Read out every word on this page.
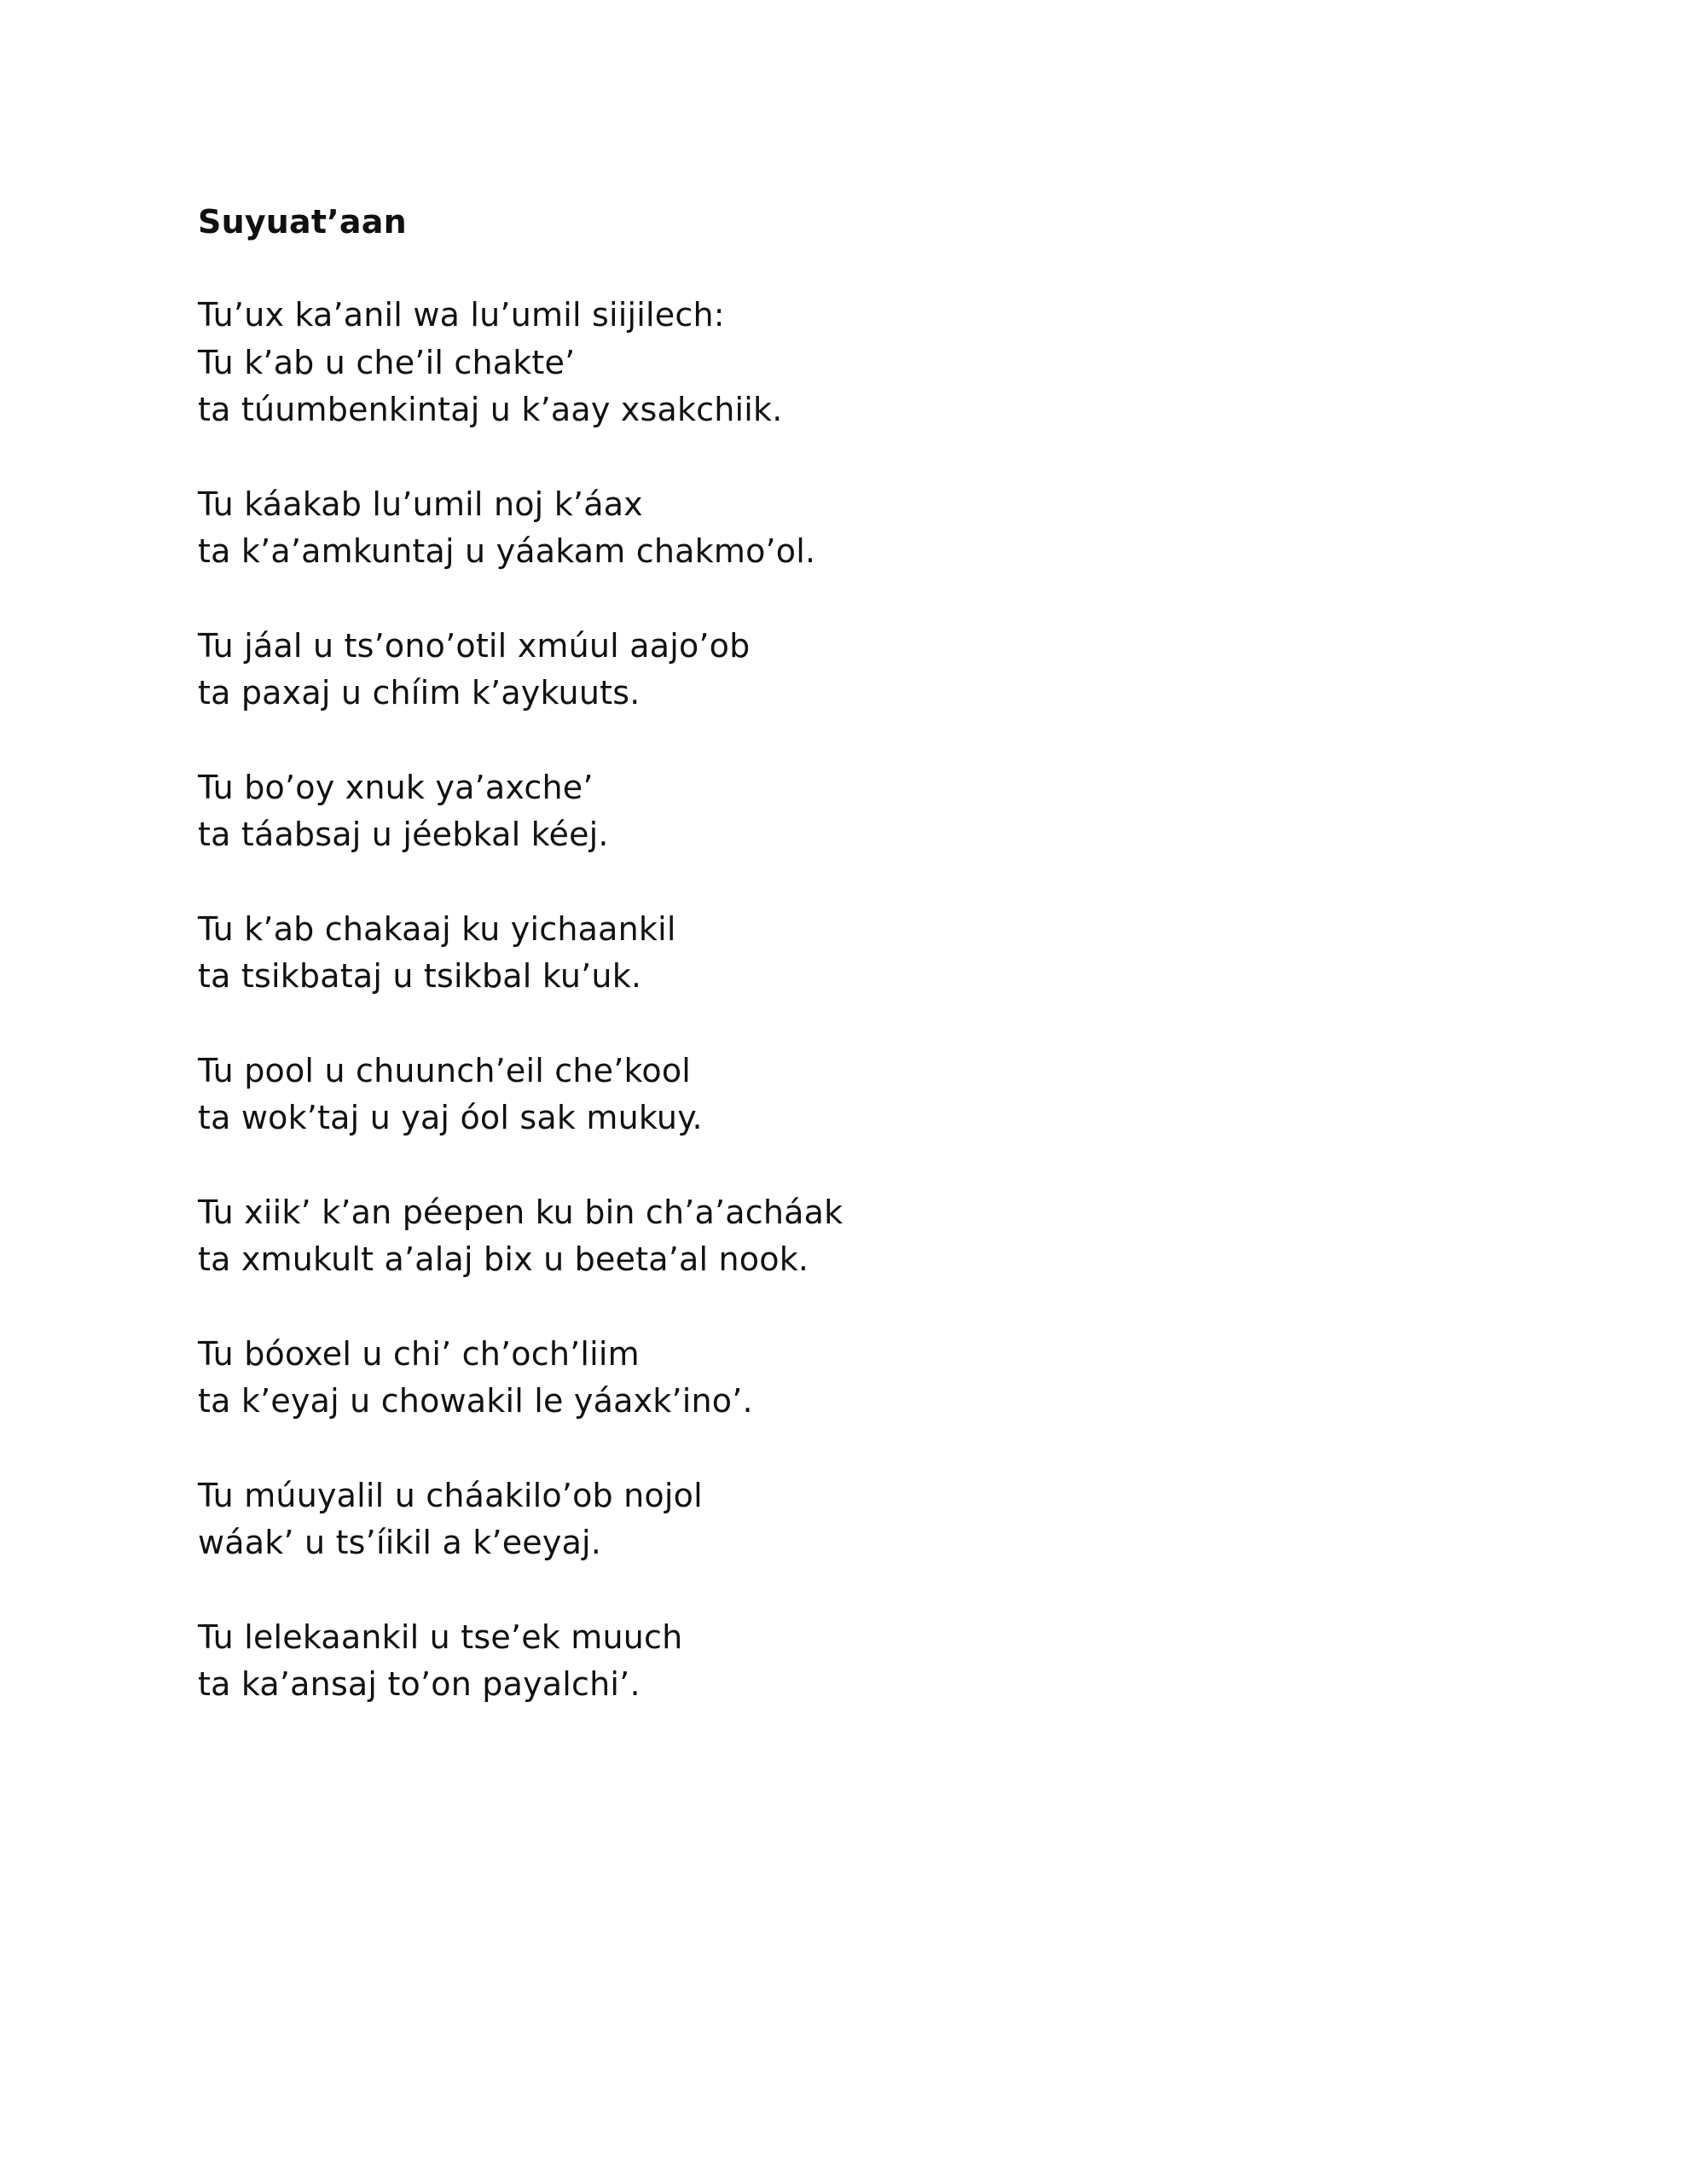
Suyuat’aan
Tu’ux ka’anil wa lu’umil siijilech:
Tu k’ab u che’il chakte’
ta túumbenkintaj u k’aay xsakchiik.
Tu káakab lu’umil noj k’áax
ta k’a’amkuntaj u yáakam chakmo’ol.
Tu jáal u ts’ono’otil xmúul aajo’ob
ta paxaj u chíim k’aykuuts.
Tu bo’oy xnuk ya’axche’
ta táabsaj u jéebkal kéej.
Tu k’ab chakaaj ku yichaankil
ta tsikbataj u tsikbal ku’uk.
Tu pool u chuunch’eil che’kool
ta wok’taj u yaj óol sak mukuy.
Tu xiik’ k’an péepen ku bin ch’a’acháak
ta xmukult a’alaj bix u beeta’al nook.
Tu bóoxel u chi’ ch’och’liim
ta k’eyaj u chowakil le yáaxk’ino’.
Tu múuyalil u cháakilo’ob nojol
wáak’ u ts’íikil a k’eeyaj.
Tu lelekaankil u tse’ek muuch
ta ka’ansaj to’on payalchi’.
